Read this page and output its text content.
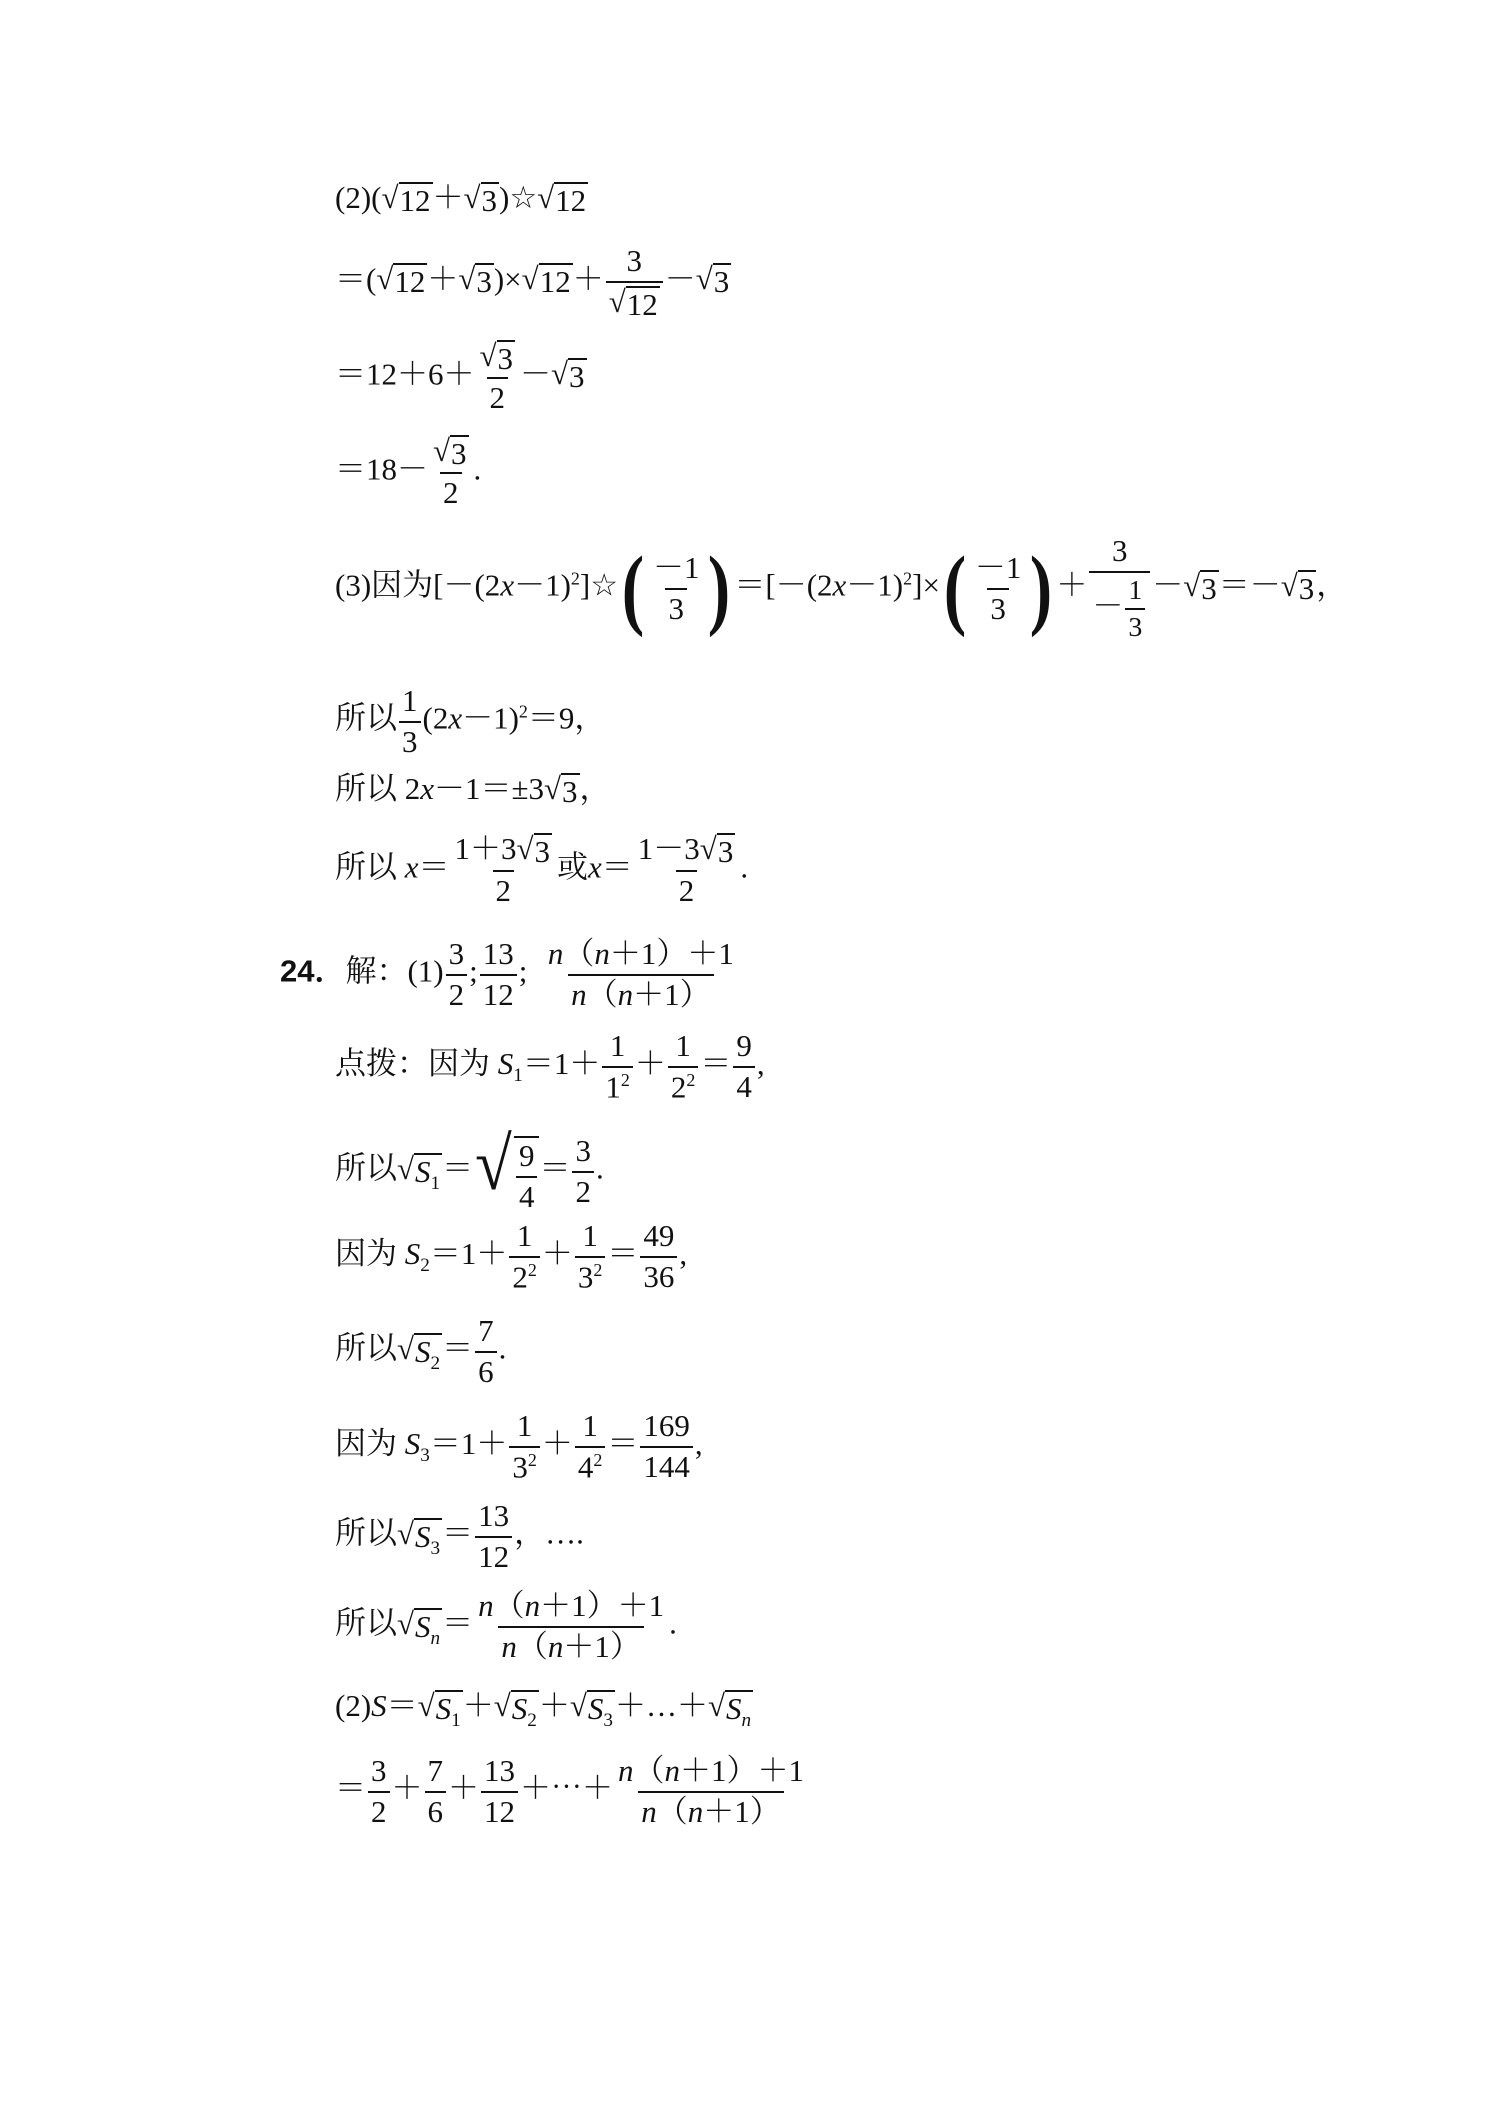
(2)( √ 12 ＋ √ 3 )☆ √ 12
＝( √ 12 ＋ √ 3 )× √ $12 + \frac{3}{√ 12}$ － √ 3
$=12+6+ \frac{√ 3}{2}$ － √ 3
$=18- \frac{√ 3}{2}$ .
(3)因为$[-(2x-1)^2]☆( \frac{-1}{3}$ ) $=[-(2x-1)^2]\times( \frac{-1}{3}$ ) ＋ $\frac{3}{- \frac{1}{3}}$ － √ 3 ＝－ √ 3 ，
所以 $\frac{1}{3} (2x-1)^2=9$，
所以 2x－1＝±3 √ 3 ，
所以 $x= \frac{1+3 √ 3}{2}$ 或$x= \frac{1-3 √ 3}{2}$ .
24．解：$(1) \frac{3}{2}$ ; $\frac{13}{12}$ ; $\frac{n(n+1)+1}{n(n+1)}$
点拨：因为 $S_1=1+ \frac{1}{1^2} + \frac{1}{2^2} = \frac{9}{4}$ ,
所以 √ $S_1$ ＝ √ $\frac{9}{4} = \frac{3}{2}$ .
因为 $S_2=1+ \frac{1}{2^2} + \frac{1}{3^2} = \frac{49}{36}$ ,
所以 √ $S_2 = \frac{7}{6}$ .
因为 $S_3=1+ \frac{1}{3^2} + \frac{1}{4^2} = \frac{169}{144}$ ,
所以 √ $S_3 = \frac{13}{12}$ ，….
所以 √ $S_n = \frac{n(n+1)+1}{n(n+1)}$ .
(2)S＝ √ $S_1$ ＋ √ $S_2$ ＋ √ $S_3$ ＋…＋ √ $S_n$
＝ $\frac{3}{2} + \frac{7}{6} + \frac{13}{12}$ ＋⋯＋ $\frac{n(n+1)+1}{n(n+1)}$
